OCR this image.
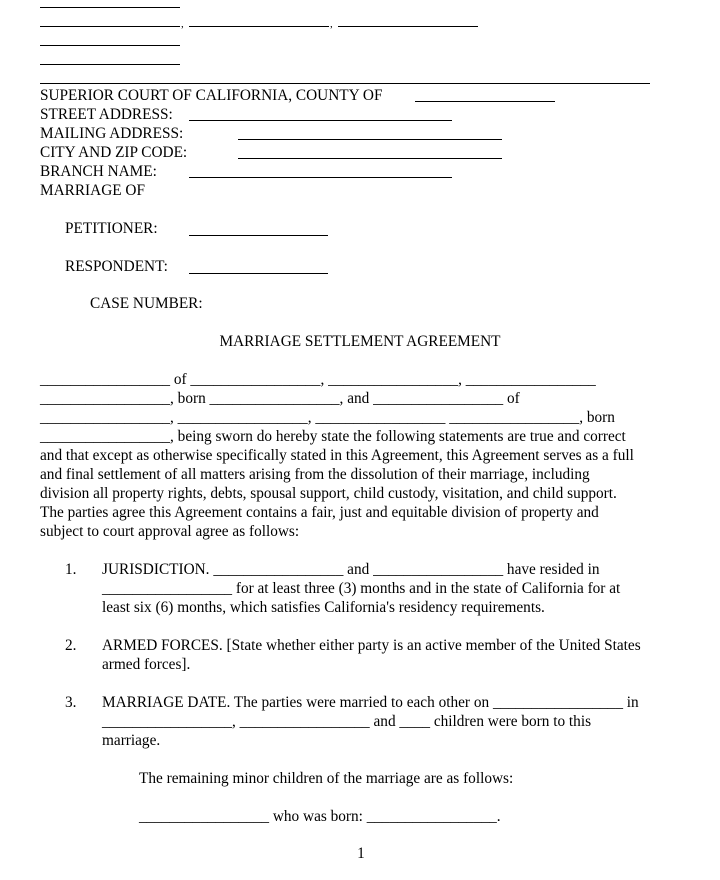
,	,
SUPERIOR COURT OF CALIFORNIA, COUNTY OF
STREET ADDRESS:
MAILING ADDRESS:
CITY AND ZIP CODE:
BRANCH NAME:
MARRIAGE OF
PETITIONER:
RESPONDENT:
CASE NUMBER:
MARRIAGE SETTLEMENT AGREEMENT
_________________ of _________________, _________________, _________________
_________________, born _________________, and _________________ of
_________________, _________________, _________________ _________________, born
_________________, being sworn do hereby state the following statements are true and correct
and that except as otherwise specifically stated in this Agreement, this Agreement serves as a full
and final settlement of all matters arising from the dissolution of their marriage, including
division all property rights, debts, spousal support, child custody, visitation, and child support.
The parties agree this Agreement contains a fair, just and equitable division of property and
subject to court approval agree as follows:
1. JURISDICTION. _________________ and _________________ have resided in
_________________ for at least three (3) months and in the state of California for at
least six (6) months, which satisfies California's residency requirements.
2. ARMED FORCES. [State whether either party is an active member of the United States
armed forces].
3. MARRIAGE DATE. The parties were married to each other on _________________ in
_________________, _________________ and ____ children were born to this
marriage.
The remaining minor children of the marriage are as follows:
_________________ who was born: _________________.
1
